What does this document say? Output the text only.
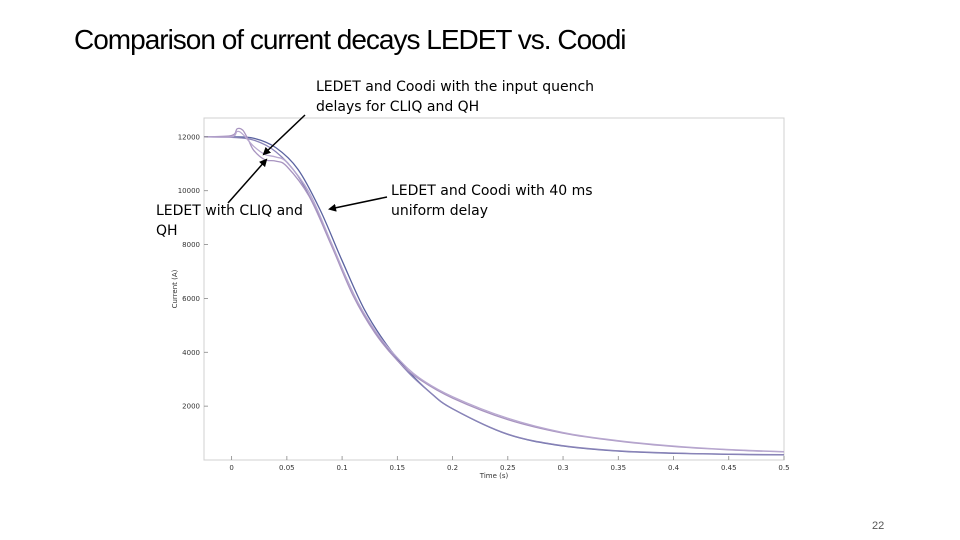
Comparison of current decays LEDET vs. Coodi
0	0.05	0.1	0.15	0.2	0.25	0.3	0.35	0.4	0.45	0.5
2000
4000
6000
8000
10000
12000
Time (s)
Current (A)
LEDET and Coodi with the input quench delays for CLIQ and QH
LEDET with CLIQ and QH
LEDET and Coodi with 40 ms uniform delay
22
